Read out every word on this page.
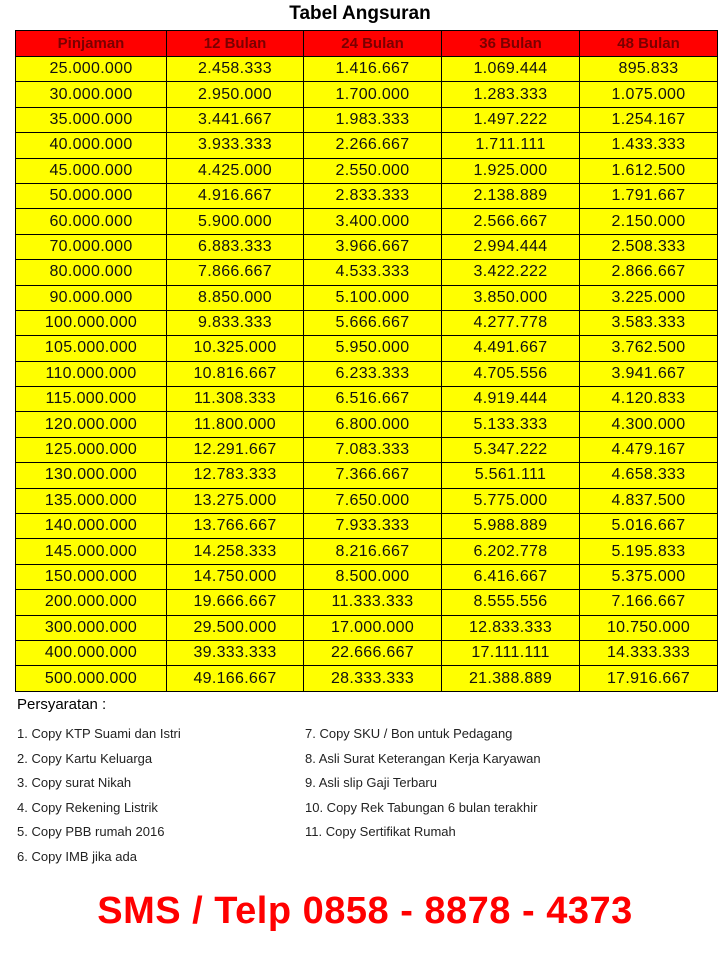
Tabel Angsuran
Pinjaman	12 Bulan	24 Bulan	36 Bulan	48 Bulan
25.000.000	2.458.333	1.416.667	1.069.444	895.833
30.000.000	2.950.000	1.700.000	1.283.333	1.075.000
35.000.000	3.441.667	1.983.333	1.497.222	1.254.167
40.000.000	3.933.333	2.266.667	1.711.111	1.433.333
45.000.000	4.425.000	2.550.000	1.925.000	1.612.500
50.000.000	4.916.667	2.833.333	2.138.889	1.791.667
60.000.000	5.900.000	3.400.000	2.566.667	2.150.000
70.000.000	6.883.333	3.966.667	2.994.444	2.508.333
80.000.000	7.866.667	4.533.333	3.422.222	2.866.667
90.000.000	8.850.000	5.100.000	3.850.000	3.225.000
100.000.000	9.833.333	5.666.667	4.277.778	3.583.333
105.000.000	10.325.000	5.950.000	4.491.667	3.762.500
110.000.000	10.816.667	6.233.333	4.705.556	3.941.667
115.000.000	11.308.333	6.516.667	4.919.444	4.120.833
120.000.000	11.800.000	6.800.000	5.133.333	4.300.000
125.000.000	12.291.667	7.083.333	5.347.222	4.479.167
130.000.000	12.783.333	7.366.667	5.561.111	4.658.333
135.000.000	13.275.000	7.650.000	5.775.000	4.837.500
140.000.000	13.766.667	7.933.333	5.988.889	5.016.667
145.000.000	14.258.333	8.216.667	6.202.778	5.195.833
150.000.000	14.750.000	8.500.000	6.416.667	5.375.000
200.000.000	19.666.667	11.333.333	8.555.556	7.166.667
300.000.000	29.500.000	17.000.000	12.833.333	10.750.000
400.000.000	39.333.333	22.666.667	17.111.111	14.333.333
500.000.000	49.166.667	28.333.333	21.388.889	17.916.667
Persyaratan :
1. Copy KTP Suami dan Istri
2. Copy Kartu Keluarga
3. Copy surat Nikah
4. Copy Rekening Listrik
5. Copy PBB rumah 2016
6. Copy IMB jika ada
7. Copy SKU / Bon untuk Pedagang
8. Asli Surat Keterangan Kerja Karyawan
9. Asli slip Gaji Terbaru
10. Copy Rek Tabungan 6 bulan terakhir
11. Copy Sertifikat Rumah
SMS / Telp 0858 - 8878 - 4373
